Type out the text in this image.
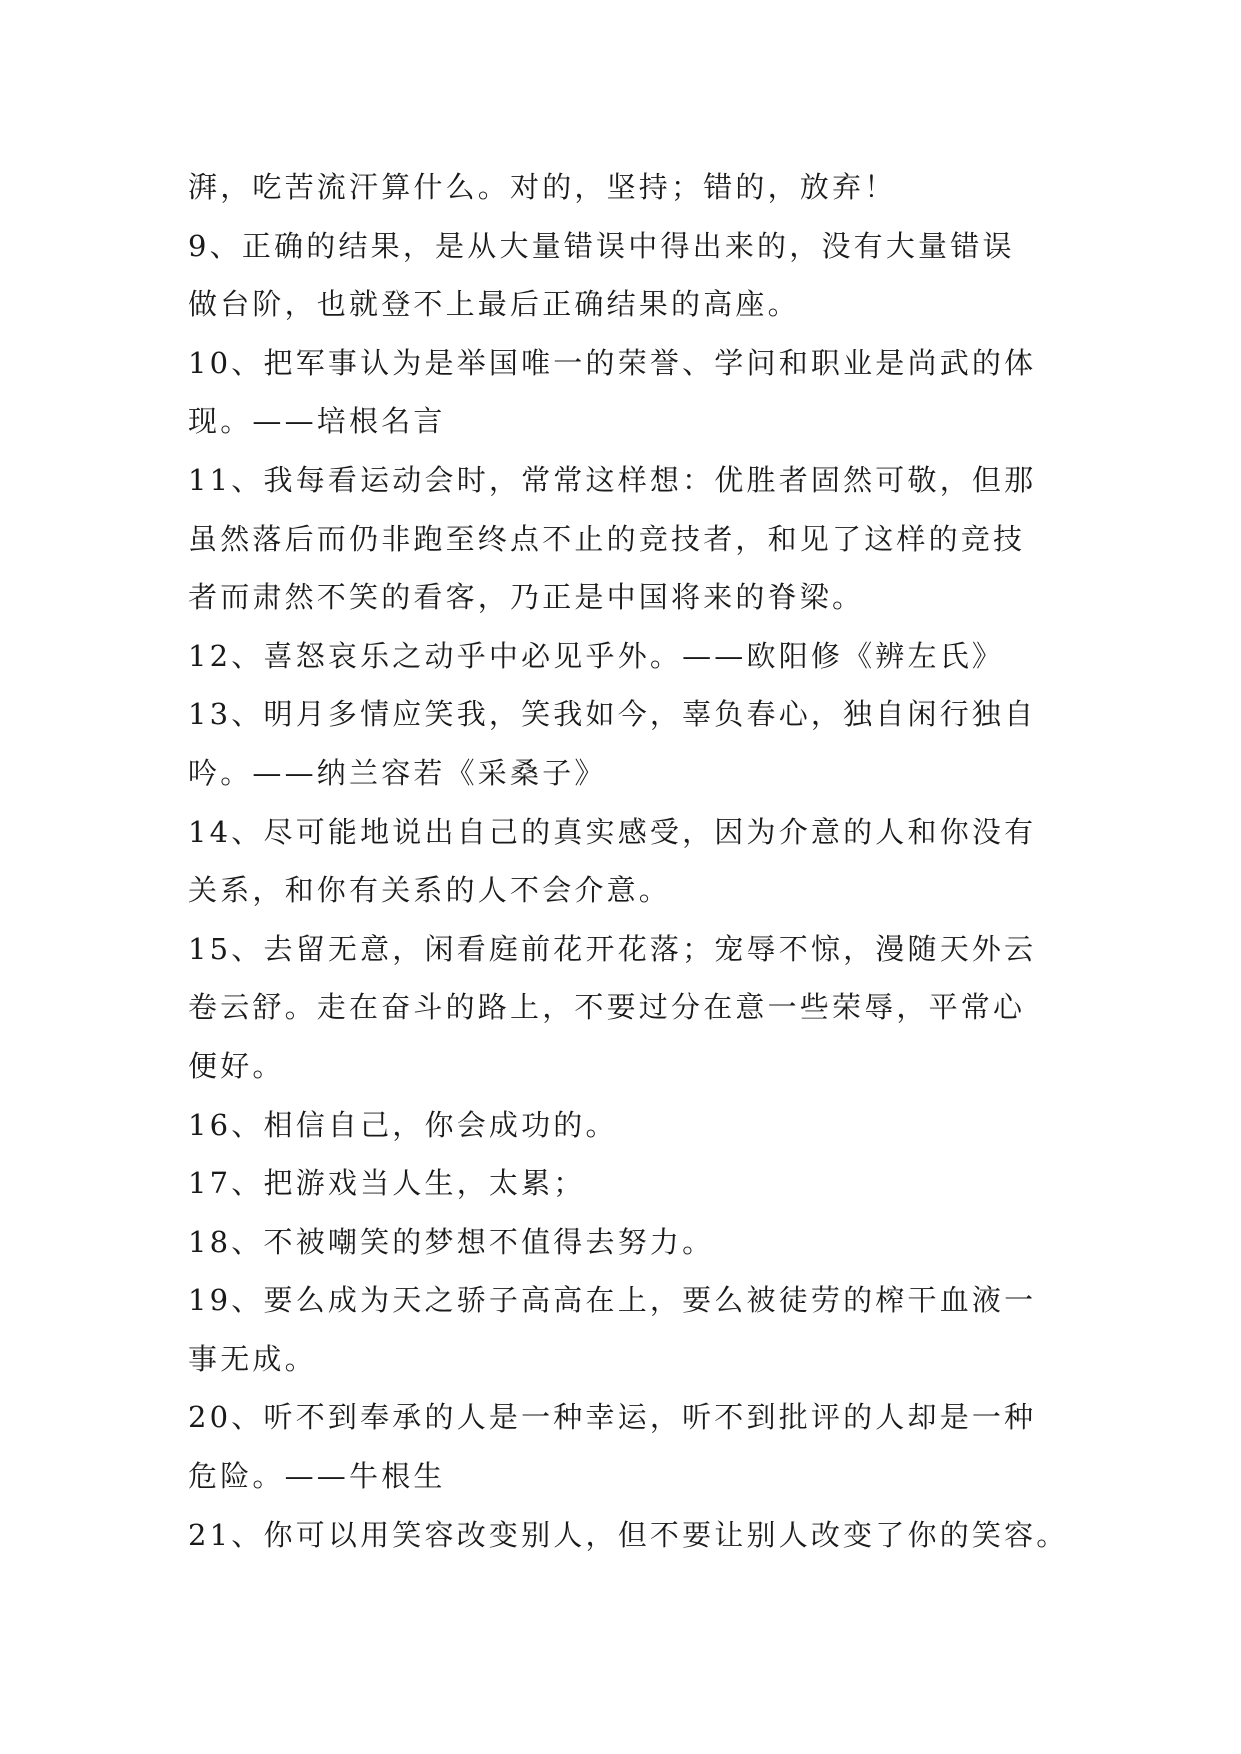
湃，吃苦流汗算什么。对的，坚持；错的，放弃！
9、正确的结果，是从大量错误中得出来的，没有大量错误
做台阶，也就登不上最后正确结果的高座。
10、把军事认为是举国唯一的荣誉、学问和职业是尚武的体
现。——培根名言
11、我每看运动会时，常常这样想：优胜者固然可敬，但那
虽然落后而仍非跑至终点不止的竞技者，和见了这样的竞技
者而肃然不笑的看客，乃正是中国将来的脊梁。
12、喜怒哀乐之动乎中必见乎外。——欧阳修《辨左氏》
13、明月多情应笑我，笑我如今，辜负春心，独自闲行独自
吟。——纳兰容若《采桑子》
14、尽可能地说出自己的真实感受，因为介意的人和你没有
关系，和你有关系的人不会介意。
15、去留无意，闲看庭前花开花落；宠辱不惊，漫随天外云
卷云舒。走在奋斗的路上，不要过分在意一些荣辱，平常心
便好。
16、相信自己，你会成功的。
17、把游戏当人生，太累；
18、不被嘲笑的梦想不值得去努力。
19、要么成为天之骄子高高在上，要么被徒劳的榨干血液一
事无成。
20、听不到奉承的人是一种幸运，听不到批评的人却是一种
危险。——牛根生
21、你可以用笑容改变别人，但不要让别人改变了你的笑容。
